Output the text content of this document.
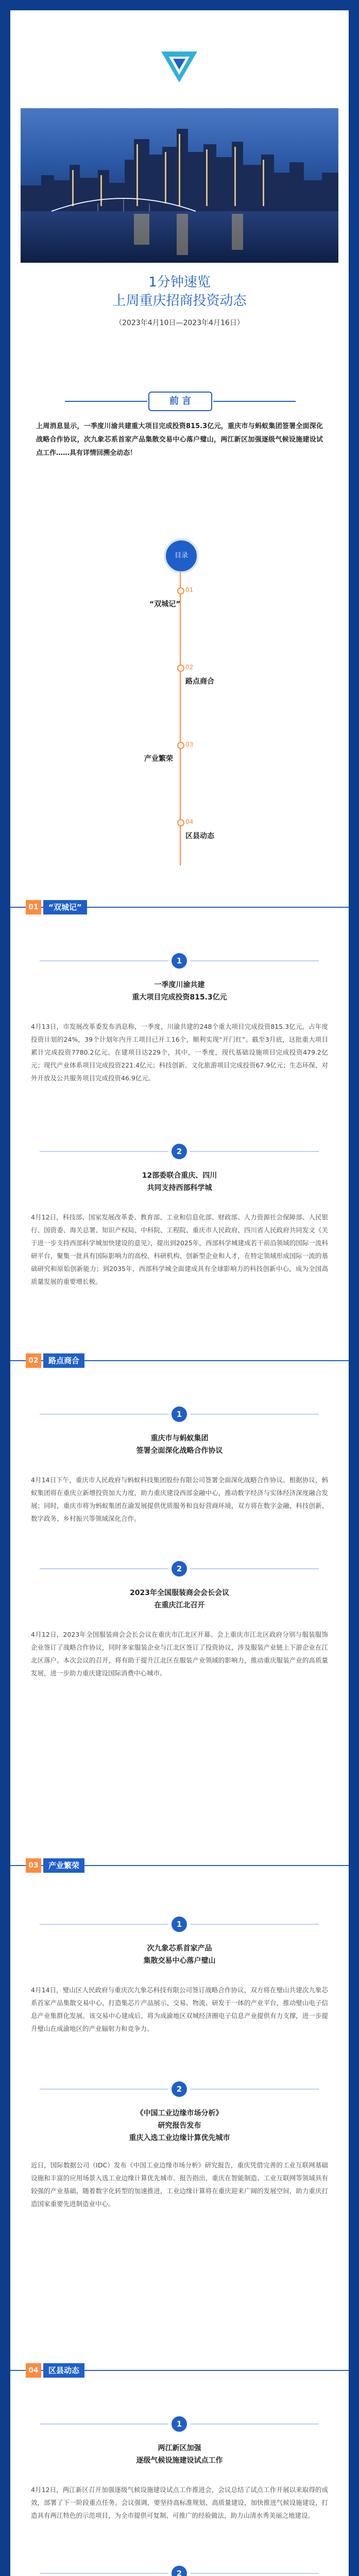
1分钟速览

上周重庆招商投资动态

（2023年4月10日—2023年4月16日）
前 言
上周消息显示，一季度川渝共建重大项目完成投资815.3亿元，重庆市与蚂蚁集团签署全面深化战略合作协议，次九象芯系首家产品集散交易中心落户璧山，两江新区加强逐级气候设施建设试点工作……具有详情回溯全动态！
目录
01
“双城记”
02
路点商合
03
产业繁荣
04
区县动态
01	“双城记”
1
一季度川渝共建
重大项目完成投资815.3亿元
4月13日，市发展改革委发布消息称，一季度，川渝共建的248个重大项目完成投资815.3亿元，占年度投资计划的24%，39个计划年内开工项目已开工16个，顺利实现“开门红”。截至3月底，这批重大项目累计完成投资7780.2亿元。在建项目达229个，其中，一季度，现代基础设施项目完成投资479.2亿元；现代产业体系项目完成投资221.4亿元；科技创新、文化旅游项目完成投资67.9亿元；生态环保、对外开放及公共服务项目完成投资46.9亿元。
2
12部委联合重庆、四川
共同支持西部科学城
4月12日，科技部、国家发展改革委、教育部、工业和信息化部、财政部、人力资源社会保障部、人民银行、国资委、海关总署、知识产权局、中科院、工程院、重庆市人民政府、四川省人民政府共同发文《关于进一步支持西部科学城加快建设的意见》，提出到2025年，西部科学城建成若干前沿领域的国际一流科研平台，聚集一批具有国际影响力的高校、科研机构、创新型企业和人才，在特定领域形成国际一流的基础研究和原始创新能力；到2035年，西部科学城全面建成具有全球影响力的科技创新中心，成为全国高质量发展的重要增长极。
02	路点商合
1
重庆市与蚂蚁集团
签署全面深化战略合作协议
4月14日下午，重庆市人民政府与蚂蚁科技集团股份有限公司签署全面深化战略合作协议。根据协议，蚂蚁集团将在重庆立新增投资加大力度，助力重庆建设西部金融中心，推动数字经济与实体经济深度融合发展；同时，重庆市将为蚂蚁集团在渝发展提供优质服务和良好营商环境，双方将在数字金融、科技创新、数字政务、乡村振兴等领域深化合作。
2
2023年全国服装商会会长会议
在重庆江北召开
4月12日，2023年全国服装商会会长会议在重庆市江北区开幕。会上重庆市江北区政府分别与服装服饰企业签订了战略合作协议，同时多家服装企业与江北区签订了投资协议，涉及服装产业链上下游企业在江北区落户。本次会议的召开，将有助于提升江北区在服装产业领域的影响力，推动重庆服装产业的高质量发展，进一步助力重庆建设国际消费中心城市。
03	产业繁荣
1
次九象芯系首家产品
集散交易中心落户璧山
4月14日，璧山区人民政府与重庆次九象芯科技有限公司签订战略合作协议，双方将在璧山共建次九象芯系首家产品集散交易中心，打造集芯片产品展示、交易、物流、研发于一体的产业平台，推动璧山电子信息产业集群化发展。该交易中心建成后，将为成渝地区双城经济圈电子信息产业提供有力支撑，进一步提升璧山在成渝地区的产业辐射力和竞争力。
2
《中国工业边缘市场分析》
研究报告发布
重庆入选工业边缘计算优先城市
近日，国际数据公司（IDC）发布《中国工业边缘市场分析》研究报告，重庆凭借完善的工业互联网基础设施和丰富的应用场景入选工业边缘计算优先城市。报告指出，重庆在智能制造、工业互联网等领域具有较强的产业基础，随着数字化转型的加速推进，工业边缘计算将在重庆迎来广阔的发展空间，助力重庆打造国家重要先进制造业中心。
04	区县动态
1
两江新区加强
逐级气候设施建设试点工作
4月12日，两江新区召开加强逐级气候设施建设试点工作推进会，会议总结了试点工作开展以来取得的成效，部署了下一阶段重点任务。会议强调，要坚持高标准规划、高质量建设，加快推进气候设施建设，打造具有两江特色的示范项目，为全市提供可复制、可推广的经验做法，助力山清水秀美丽之地建设。
2
